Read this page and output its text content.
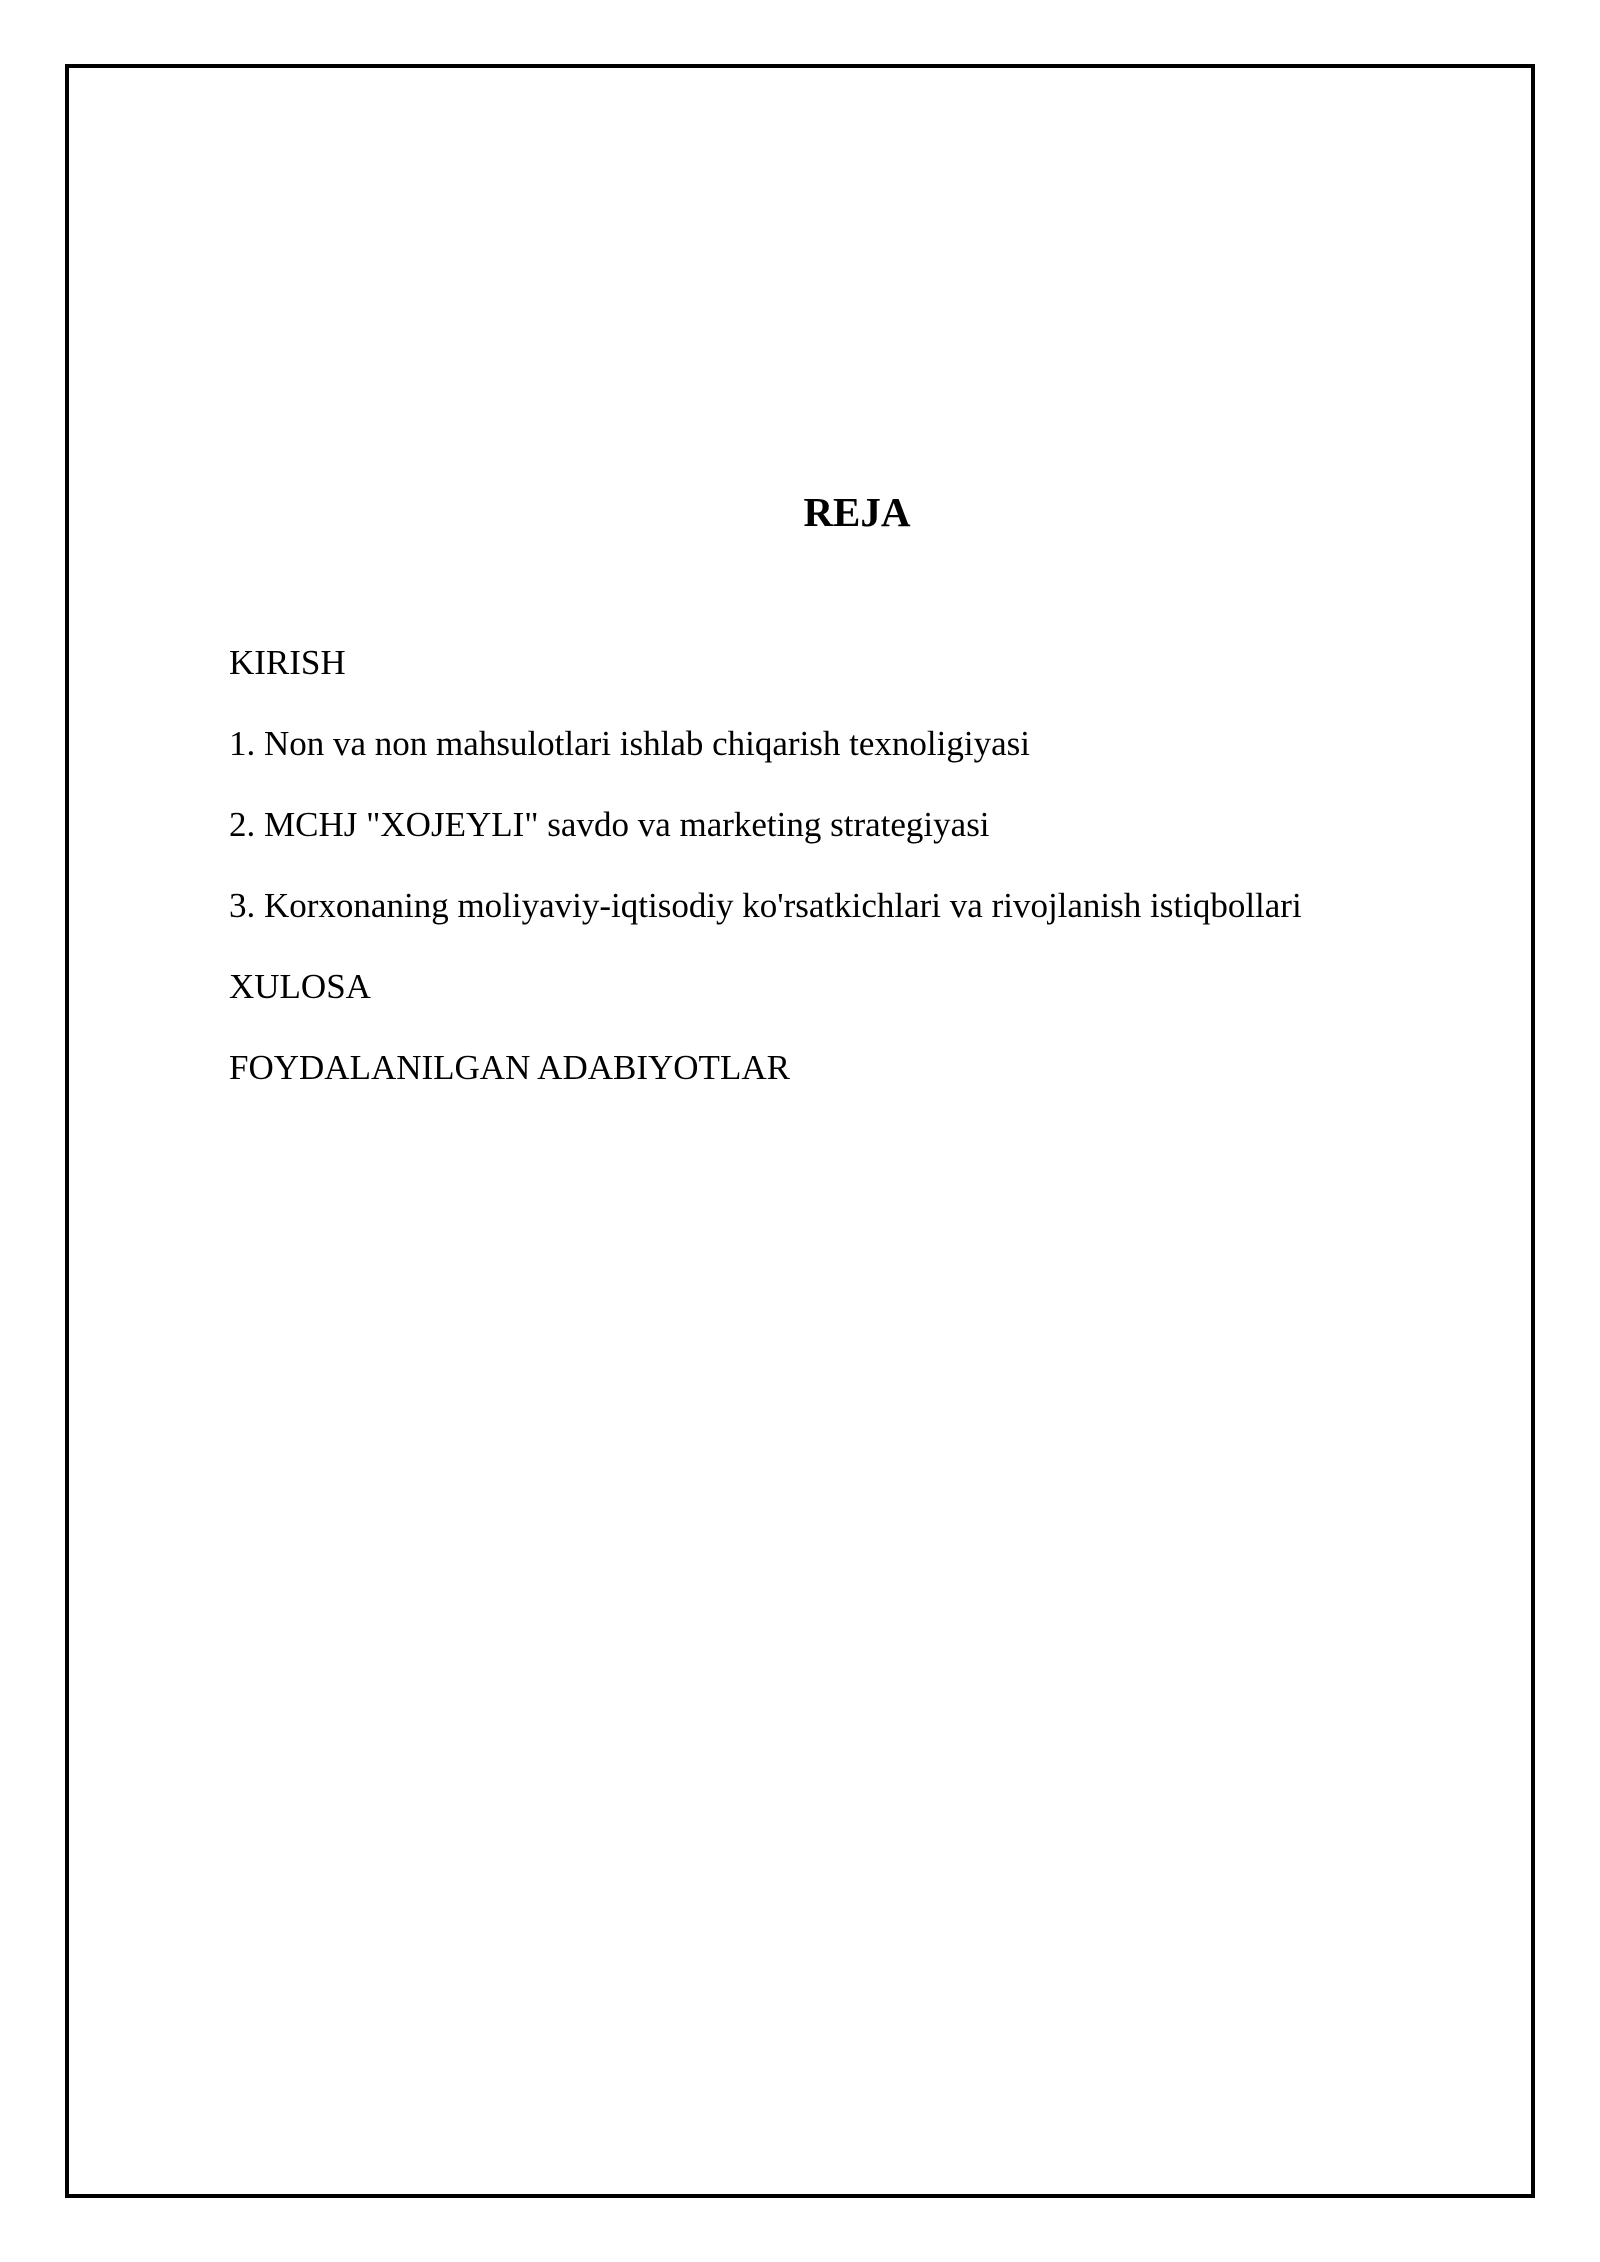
REJA
KIRISH
1. Non va non mahsulotlari ishlab chiqarish texnoligiyasi
2. MCHJ "XOJEYLI" savdo va marketing strategiyasi
3. Korxonaning moliyaviy-iqtisodiy ko'rsatkichlari va rivojlanish istiqbollari
XULOSA
FOYDALANILGAN ADABIYOTLAR
